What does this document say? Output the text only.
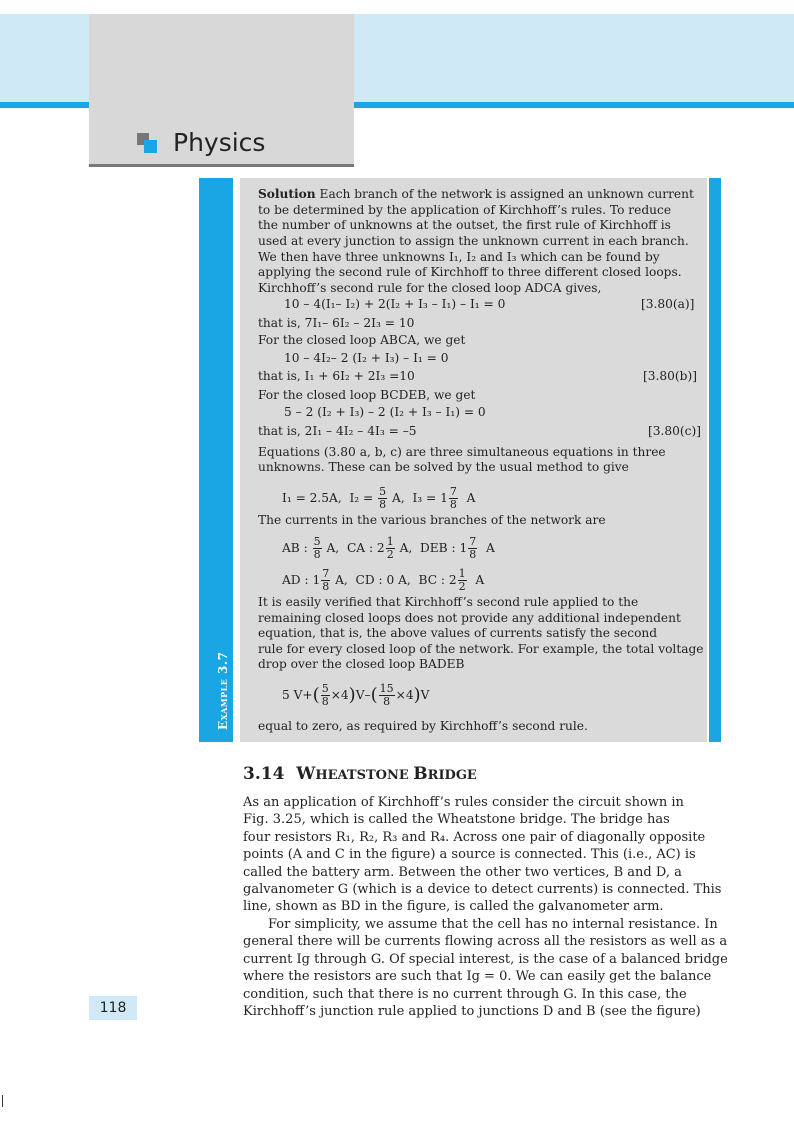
Physics
Example 3.7
Solution Each branch of the network is assigned an unknown current
to be determined by the application of Kirchhoff’s rules. To reduce
the number of unknowns at the outset, the first rule of Kirchhoff is
used at every junction to assign the unknown current in each branch.
We then have three unknowns I₁, I₂ and I₃ which can be found by
applying the second rule of Kirchhoff to three different closed loops.
Kirchhoff’s second rule for the closed loop ADCA gives,
10 – 4(I₁– I₂) + 2(I₂ + I₃ – I₁) – I₁ = 0	[3.80(a)]
that is, 7I₁– 6I₂ – 2I₃ = 10
For the closed loop ABCA, we get
10 – 4I₂– 2 (I₂ + I₃) – I₁ = 0
that is, I₁ + 6I₂ + 2I₃ =10	[3.80(b)]
For the closed loop BCDEB, we get
5 – 2 (I₂ + I₃) – 2 (I₂ + I₃ – I₁) = 0
that is, 2I₁ – 4I₂ – 4I₃ = –5	[3.80(c)]
Equations (3.80 a, b, c) are three simultaneous equations in three
unknowns. These can be solved by the usual method to give
I₁ = 2.5A, $I_2 = \frac{5}{8} A$, $I_3 = 1 \frac{7}{8}$ A
The currents in the various branches of the network are
AB : $\frac{5}{8} A$, CA : $2 \frac{1}{2} A$, DEB : $1 \frac{7}{8}$ A
AD : $1 \frac{7}{8} A$, CD : 0 A, BC : $2 \frac{1}{2}$ A
It is easily verified that Kirchhoff’s second rule applied to the
remaining closed loops does not provide any additional independent
equation, that is, the above values of currents satisfy the second
rule for every closed loop of the network. For example, the total voltage
drop over the closed loop BADEB
5 $V+( \frac{5}{8} \times 4)V-( \frac{15}{8} \times 4)V$
equal to zero, as required by Kirchhoff’s second rule.
3.14 WHEATSTONE BRIDGE
As an application of Kirchhoff’s rules consider the circuit shown in
Fig. 3.25, which is called the Wheatstone bridge. The bridge has
four resistors R₁, R₂, R₃ and R₄. Across one pair of diagonally opposite
points (A and C in the figure) a source is connected. This (i.e., AC) is
called the battery arm. Between the other two vertices, B and D, a
galvanometer G (which is a device to detect currents) is connected. This
line, shown as BD in the figure, is called the galvanometer arm.
For simplicity, we assume that the cell has no internal resistance. In
general there will be currents flowing across all the resistors as well as a
current Ig through G. Of special interest, is the case of a balanced bridge
where the resistors are such that Ig = 0. We can easily get the balance
condition, such that there is no current through G. In this case, the
Kirchhoff’s junction rule applied to junctions D and B (see the figure)
118
